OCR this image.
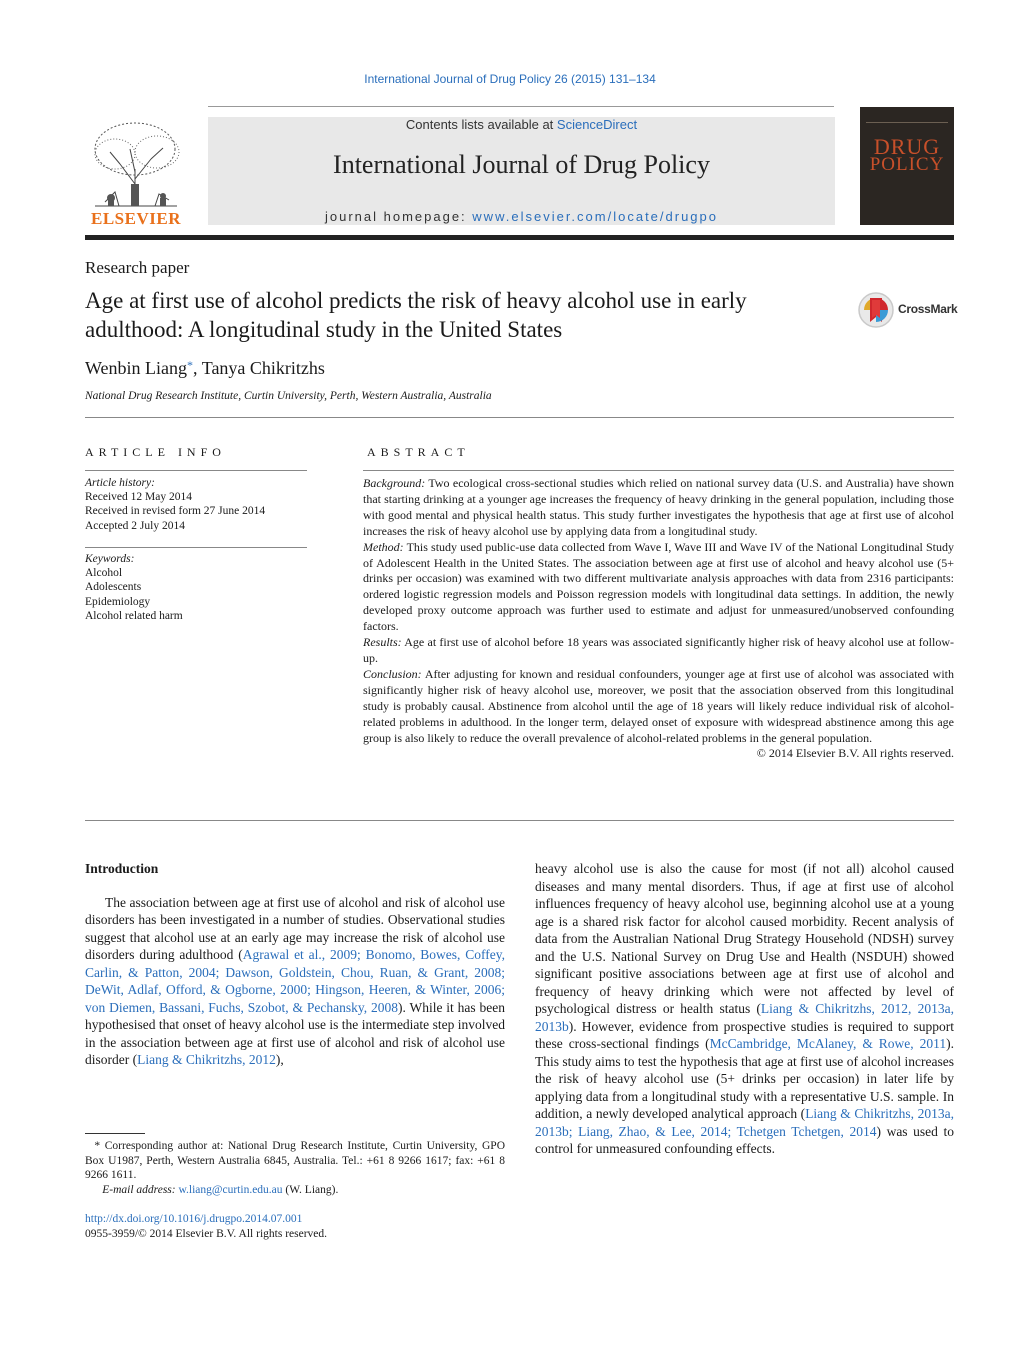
International Journal of Drug Policy 26 (2015) 131–134
ELSEVIER
Contents lists available at ScienceDirect
International Journal of Drug Policy
journal homepage: www.elsevier.com/locate/drugpo
DRUG
POLICY
Research paper
Age at first use of alcohol predicts the risk of heavy alcohol use in early adulthood: A longitudinal study in the United States
CrossMark
Wenbin Liang*, Tanya Chikritzhs
National Drug Research Institute, Curtin University, Perth, Western Australia, Australia
ARTICLE INFO	ABSTRACT
Article history:
Received 12 May 2014
Received in revised form 27 June 2014
Accepted 2 July 2014
Keywords:
Alcohol
Adolescents
Epidemiology
Alcohol related harm

Background: Two ecological cross-sectional studies which relied on national survey data (U.S. and Australia) have shown that starting drinking at a younger age increases the frequency of heavy drinking in the general population, including those with good mental and physical health status. This study further investigates the hypothesis that age at first use of alcohol increases the risk of heavy alcohol use by applying data from a longitudinal study.

Method: This study used public-use data collected from Wave I, Wave III and Wave IV of the National Longitudinal Study of Adolescent Health in the United States. The association between age at first use of alcohol and heavy alcohol use (5+ drinks per occasion) was examined with two different multivariate analysis approaches with data from 2316 participants: ordered logistic regression models and Poisson regression models with longitudinal data settings. In addition, the newly developed proxy outcome approach was further used to estimate and adjust for unmeasured/unobserved confounding factors.

Results: Age at first use of alcohol before 18 years was associated significantly higher risk of heavy alcohol use at follow-up.

Conclusion: After adjusting for known and residual confounders, younger age at first use of alcohol was associated with significantly higher risk of heavy alcohol use, moreover, we posit that the association observed from this longitudinal study is probably causal. Abstinence from alcohol until the age of 18 years will likely reduce individual risk of alcohol-related problems in adulthood. In the longer term, delayed onset of exposure with widespread abstinence among this age group is also likely to reduce the overall prevalence of alcohol-related problems in the general population.

© 2014 Elsevier B.V. All rights reserved.

Introduction

The association between age at first use of alcohol and risk of alcohol use disorders has been investigated in a number of studies. Observational studies suggest that alcohol use at an early age may increase the risk of alcohol use disorders during adulthood (Agrawal et al., 2009; Bonomo, Bowes, Coffey, Carlin, & Patton, 2004; Dawson, Goldstein, Chou, Ruan, & Grant, 2008; DeWit, Adlaf, Offord, & Ogborne, 2000; Hingson, Heeren, & Winter, 2006; von Diemen, Bassani, Fuchs, Szobot, & Pechansky, 2008). While it has been hypothesised that onset of heavy alcohol use is the intermediate step involved in the association between age at first use of alcohol and risk of alcohol use disorder (Liang & Chikritzhs, 2012),

heavy alcohol use is also the cause for most (if not all) alcohol caused diseases and many mental disorders. Thus, if age at first use of alcohol influences frequency of heavy alcohol use, beginning alcohol use at a young age is a shared risk factor for alcohol caused morbidity. Recent analysis of data from the Australian National Drug Strategy Household (NDSH) survey and the U.S. National Survey on Drug Use and Health (NSDUH) showed significant positive associations between age at first use of alcohol and frequency of heavy drinking which were not affected by level of psychological distress or health status (Liang & Chikritzhs, 2012, 2013a, 2013b). However, evidence from prospective studies is required to support these cross-sectional findings (McCambridge, McAlaney, & Rowe, 2011). This study aims to test the hypothesis that age at first use of alcohol increases the risk of heavy alcohol use (5+ drinks per occasion) in later life by applying data from a longitudinal study with a representative U.S. sample. In addition, a newly developed analytical approach (Liang & Chikritzhs, 2013a, 2013b; Liang, Zhao, & Lee, 2014; Tchetgen Tchetgen, 2014) was used to control for unmeasured confounding effects.

* Corresponding author at: National Drug Research Institute, Curtin University, GPO Box U1987, Perth, Western Australia 6845, Australia. Tel.: +61 8 9266 1617; fax: +61 8 9266 1611.

E-mail address: w.liang@curtin.edu.au (W. Liang).

http://dx.doi.org/10.1016/j.drugpo.2014.07.001
0955-3959/© 2014 Elsevier B.V. All rights reserved.
